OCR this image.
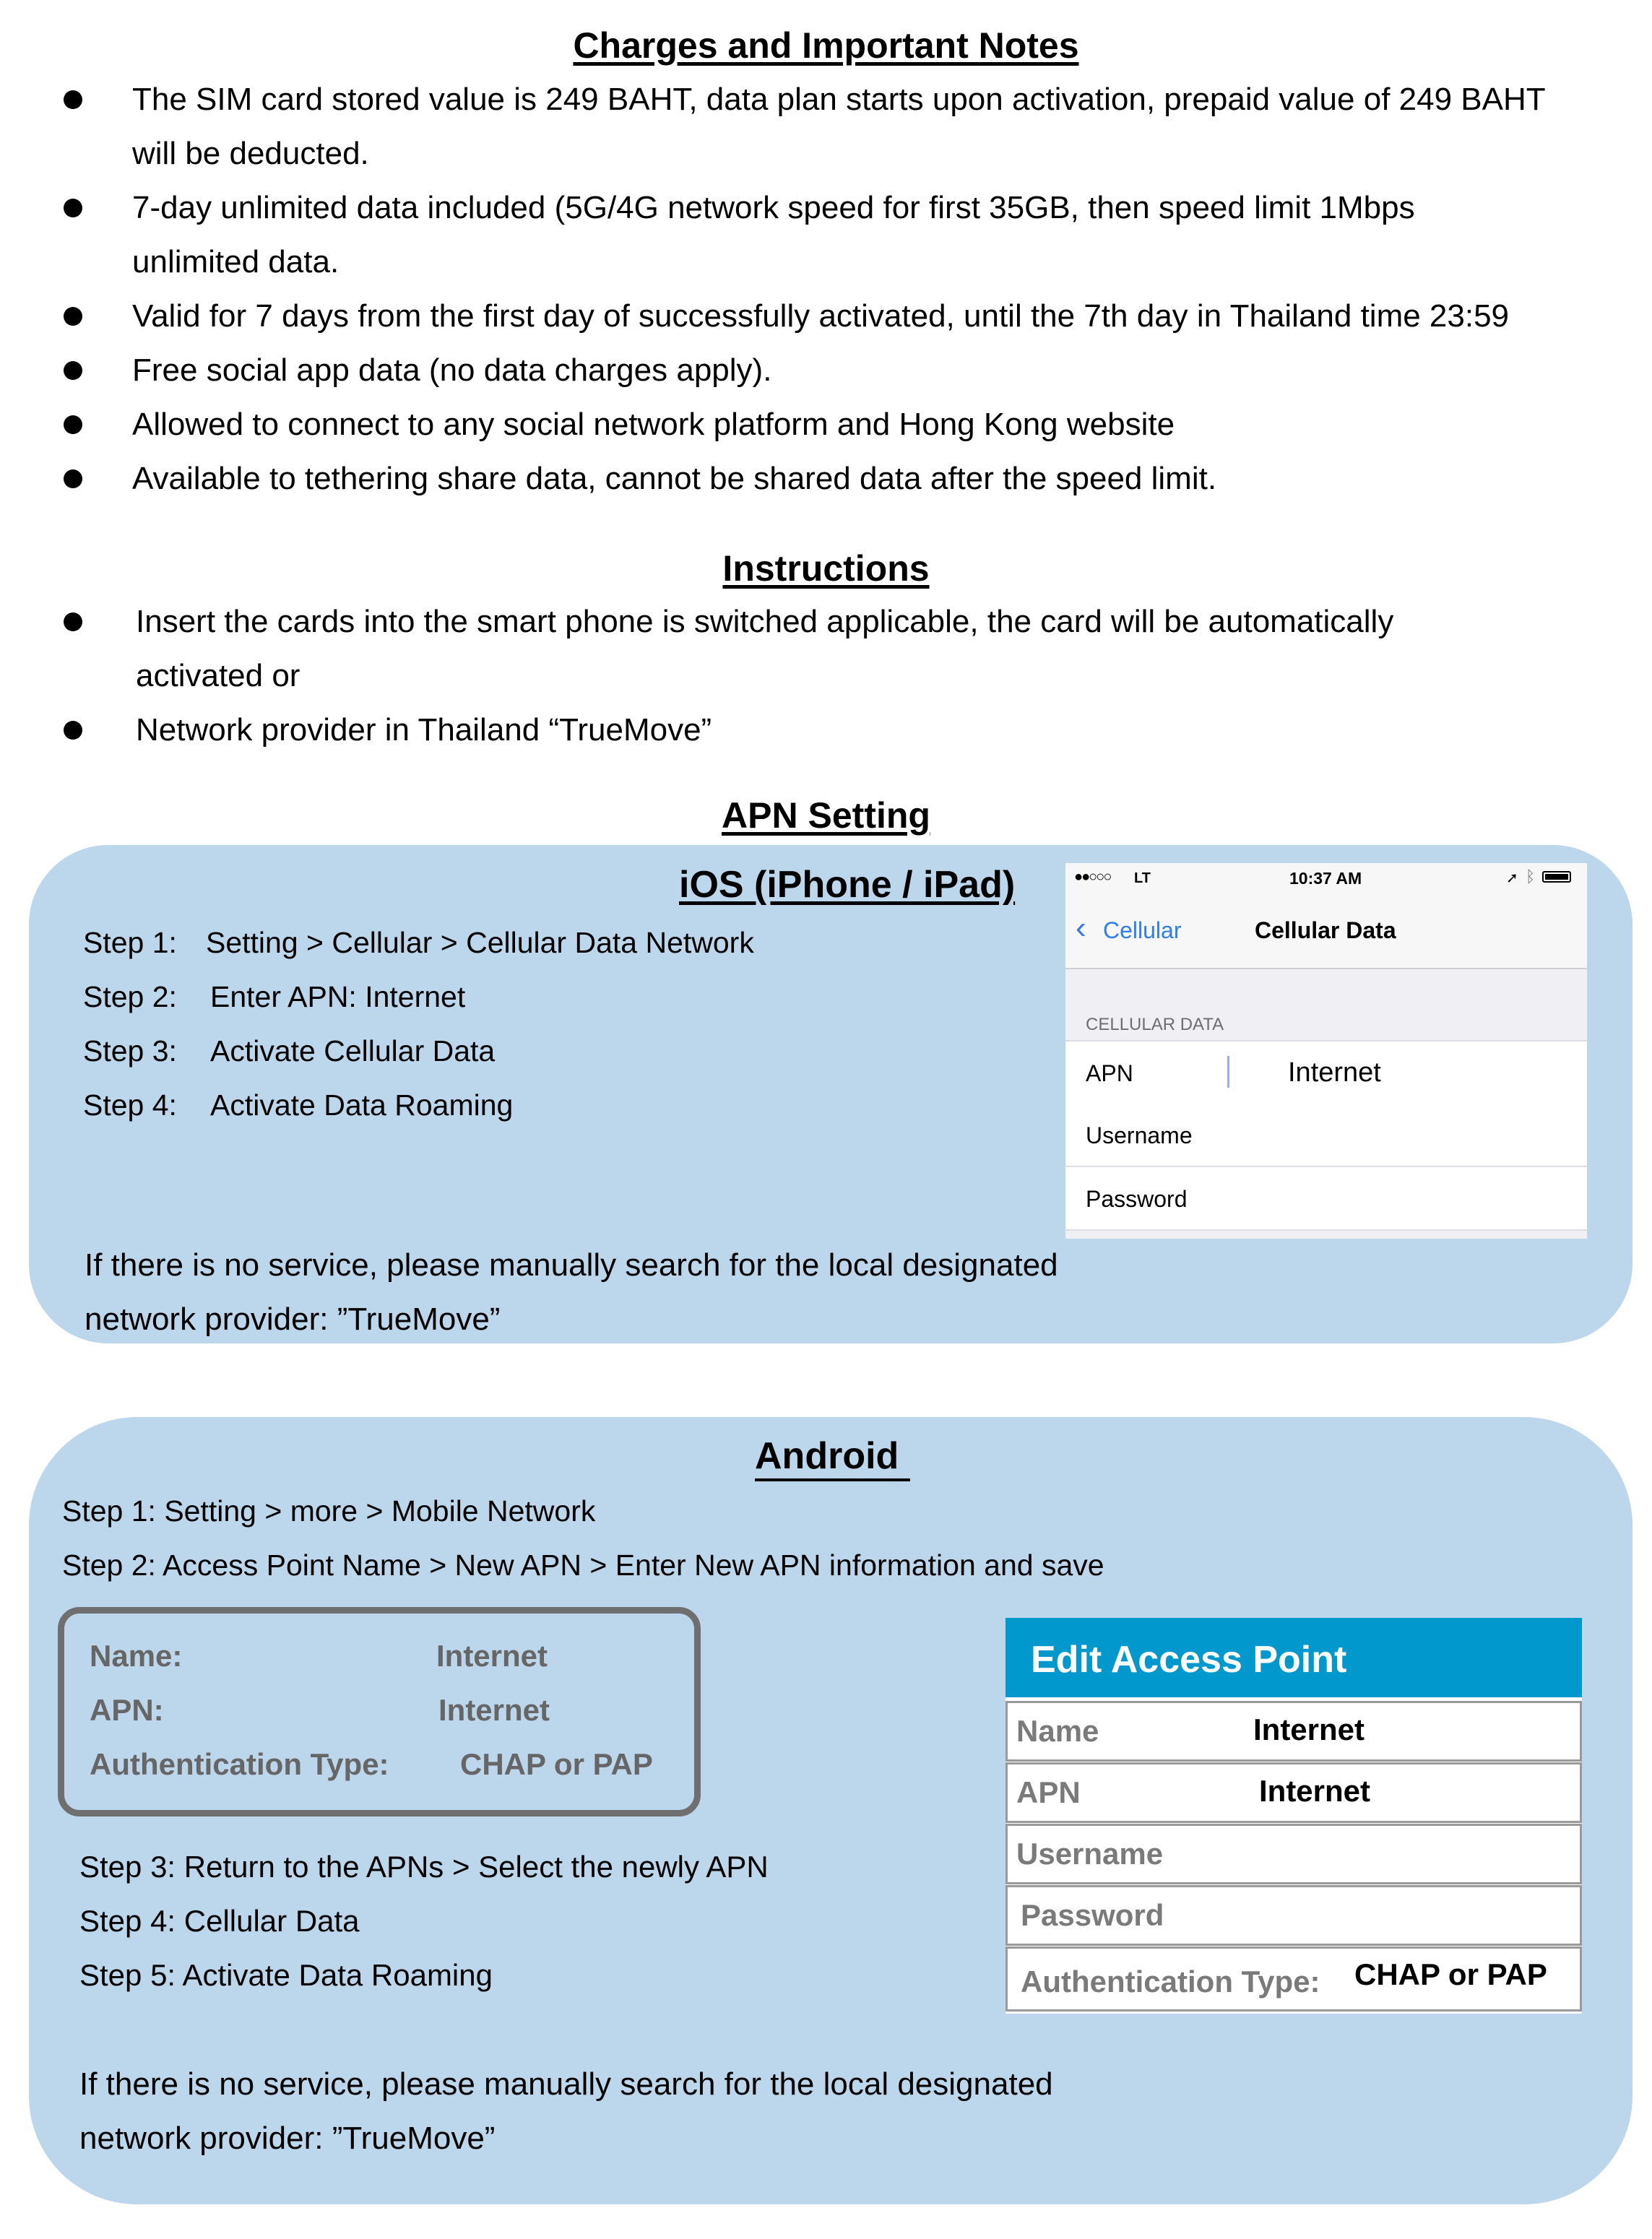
Charges and Important Notes
The SIM card stored value is 249 BAHT, data plan starts upon activation, prepaid value of 249 BAHT
will be deducted.
7-day unlimited data included (5G/4G network speed for first 35GB, then speed limit 1Mbps
unlimited data.
Valid for 7 days from the first day of successfully activated, until the 7th day in Thailand time 23:59
Free social app data (no data charges apply).
Allowed to connect to any social network platform and Hong Kong website
Available to tethering share data, cannot be shared data after the speed limit.
Instructions
Insert the cards into the smart phone is switched applicable, the card will be automatically
activated or
Network provider in Thailand “TrueMove”
APN Setting
iOS (iPhone / iPad)
Step 1: Setting > Cellular > Cellular Data Network
Step 2: Enter APN: Internet
Step 3: Activate Cellular Data
Step 4: Activate Data Roaming
●●○○○ LT	10:37 AM	➚ ᛒ
‹ Cellular	Cellular Data
CELLULAR DATA
APN	Internet
Username
Password
If there is no service, please manually search for the local designated
network provider: ”TrueMove”
Android
Step 1: Setting > more > Mobile Network
Step 2: Access Point Name > New APN > Enter New APN information and save
Name:	Internet
APN:	Internet
Authentication Type: CHAP or PAP
Step 3: Return to the APNs > Select the newly APN
Step 4: Cellular Data
Step 5: Activate Data Roaming
Edit Access Point
Name	Internet
APN	Internet
Username
Password
Authentication Type: CHAP or PAP
If there is no service, please manually search for the local designated
network provider: ”TrueMove”
